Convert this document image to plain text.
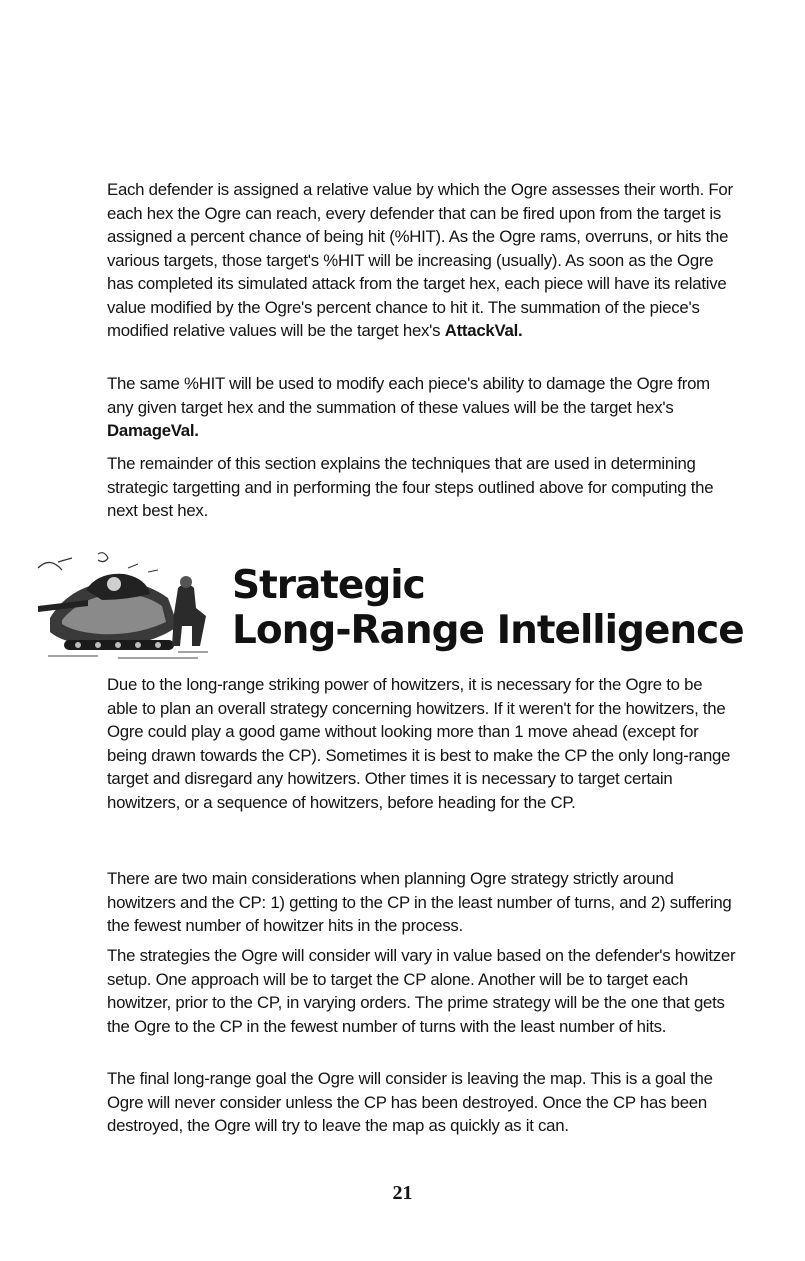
Each defender is assigned a relative value by which the Ogre assesses their worth. For each hex the Ogre can reach, every defender that can be fired upon from the target is assigned a percent chance of being hit (%HIT). As the Ogre rams, overruns, or hits the various targets, those target's %HIT will be increasing (usually). As soon as the Ogre has completed its simulated attack from the target hex, each piece will have its relative value modified by the Ogre's percent chance to hit it. The summation of the piece's modified relative values will be the target hex's AttackVal.

The same %HIT will be used to modify each piece's ability to damage the Ogre from any given target hex and the summation of these values will be the target hex's DamageVal.

The remainder of this section explains the techniques that are used in determining strategic targetting and in performing the four steps outlined above for computing the next best hex.

Strategic
Long-Range Intelligence

Due to the long-range striking power of howitzers, it is necessary for the Ogre to be able to plan an overall strategy concerning howitzers. If it weren't for the howitzers, the Ogre could play a good game without looking more than 1 move ahead (except for being drawn towards the CP). Sometimes it is best to make the CP the only long-range target and disregard any howitzers. Other times it is necessary to target certain howitzers, or a sequence of howitzers, before heading for the CP.

There are two main considerations when planning Ogre strategy strictly around howitzers and the CP: 1) getting to the CP in the least number of turns, and 2) suffering the fewest number of howitzer hits in the process.

The strategies the Ogre will consider will vary in value based on the defender's howitzer setup. One approach will be to target the CP alone. Another will be to target each howitzer, prior to the CP, in varying orders. The prime strategy will be the one that gets the Ogre to the CP in the fewest number of turns with the least number of hits.

The final long-range goal the Ogre will consider is leaving the map. This is a goal the Ogre will never consider unless the CP has been destroyed. Once the CP has been destroyed, the Ogre will try to leave the map as quickly as it can.

21
